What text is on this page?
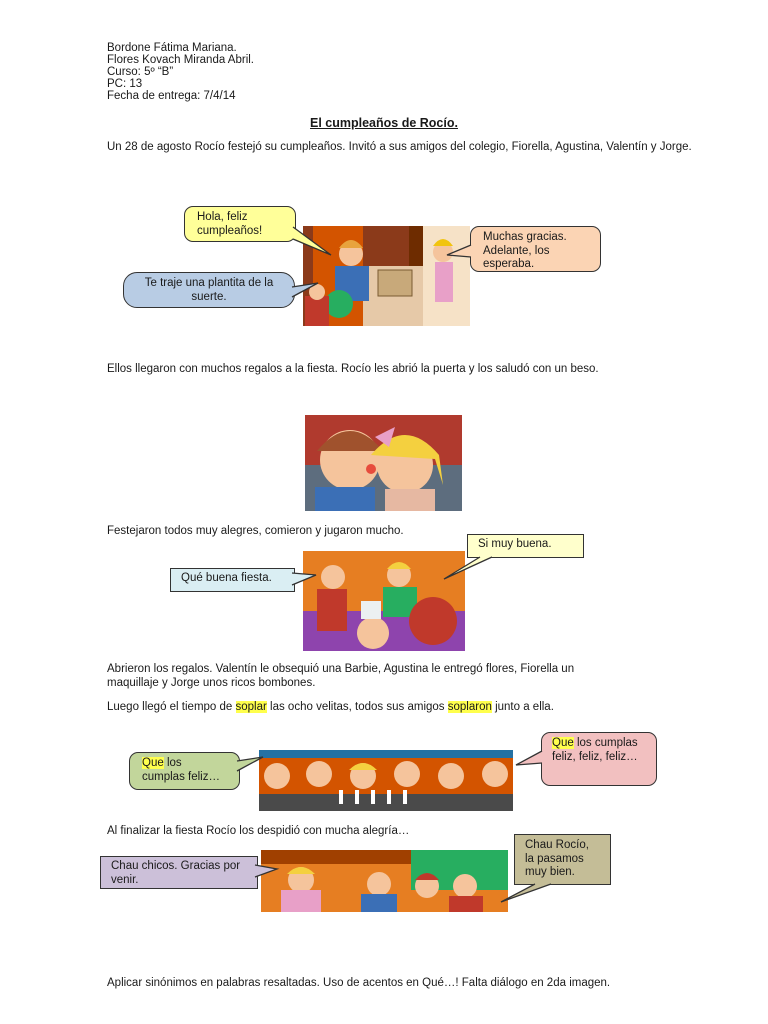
Bordone Fátima Mariana.
Flores Kovach Miranda Abril.
Curso: 5º “B”
PC: 13
Fecha de entrega: 7/4/14
El cumpleaños de Rocío.
Un 28 de agosto Rocío festejó su cumpleaños. Invitó a sus amigos del colegio, Fiorella, Agustina, Valentín y Jorge.
Hola, feliz cumpleaños!
Te traje una plantita de la suerte.
Muchas gracias. Adelante, los esperaba.
Ellos llegaron con muchos regalos a la fiesta. Rocío les abrió la puerta y los saludó con un beso.
Festejaron todos muy alegres, comieron y jugaron mucho.
Si muy buena.
Qué buena fiesta.
Abrieron los regalos. Valentín le obsequió una Barbie, Agustina le entregó flores, Fiorella un maquillaje y Jorge unos ricos bombones.
Luego llegó el tiempo de soplar las ocho velitas, todos sus amigos soplaron junto a ella.
Que los cumplas feliz…
Que los cumplas feliz, feliz, feliz…
Al finalizar la fiesta Rocío los despidió con mucha alegría…
Chau chicos. Gracias por venir.
Chau Rocío, la pasamos muy bien.
Aplicar sinónimos en palabras resaltadas. Uso de acentos en Qué…! Falta diálogo en 2da imagen.
